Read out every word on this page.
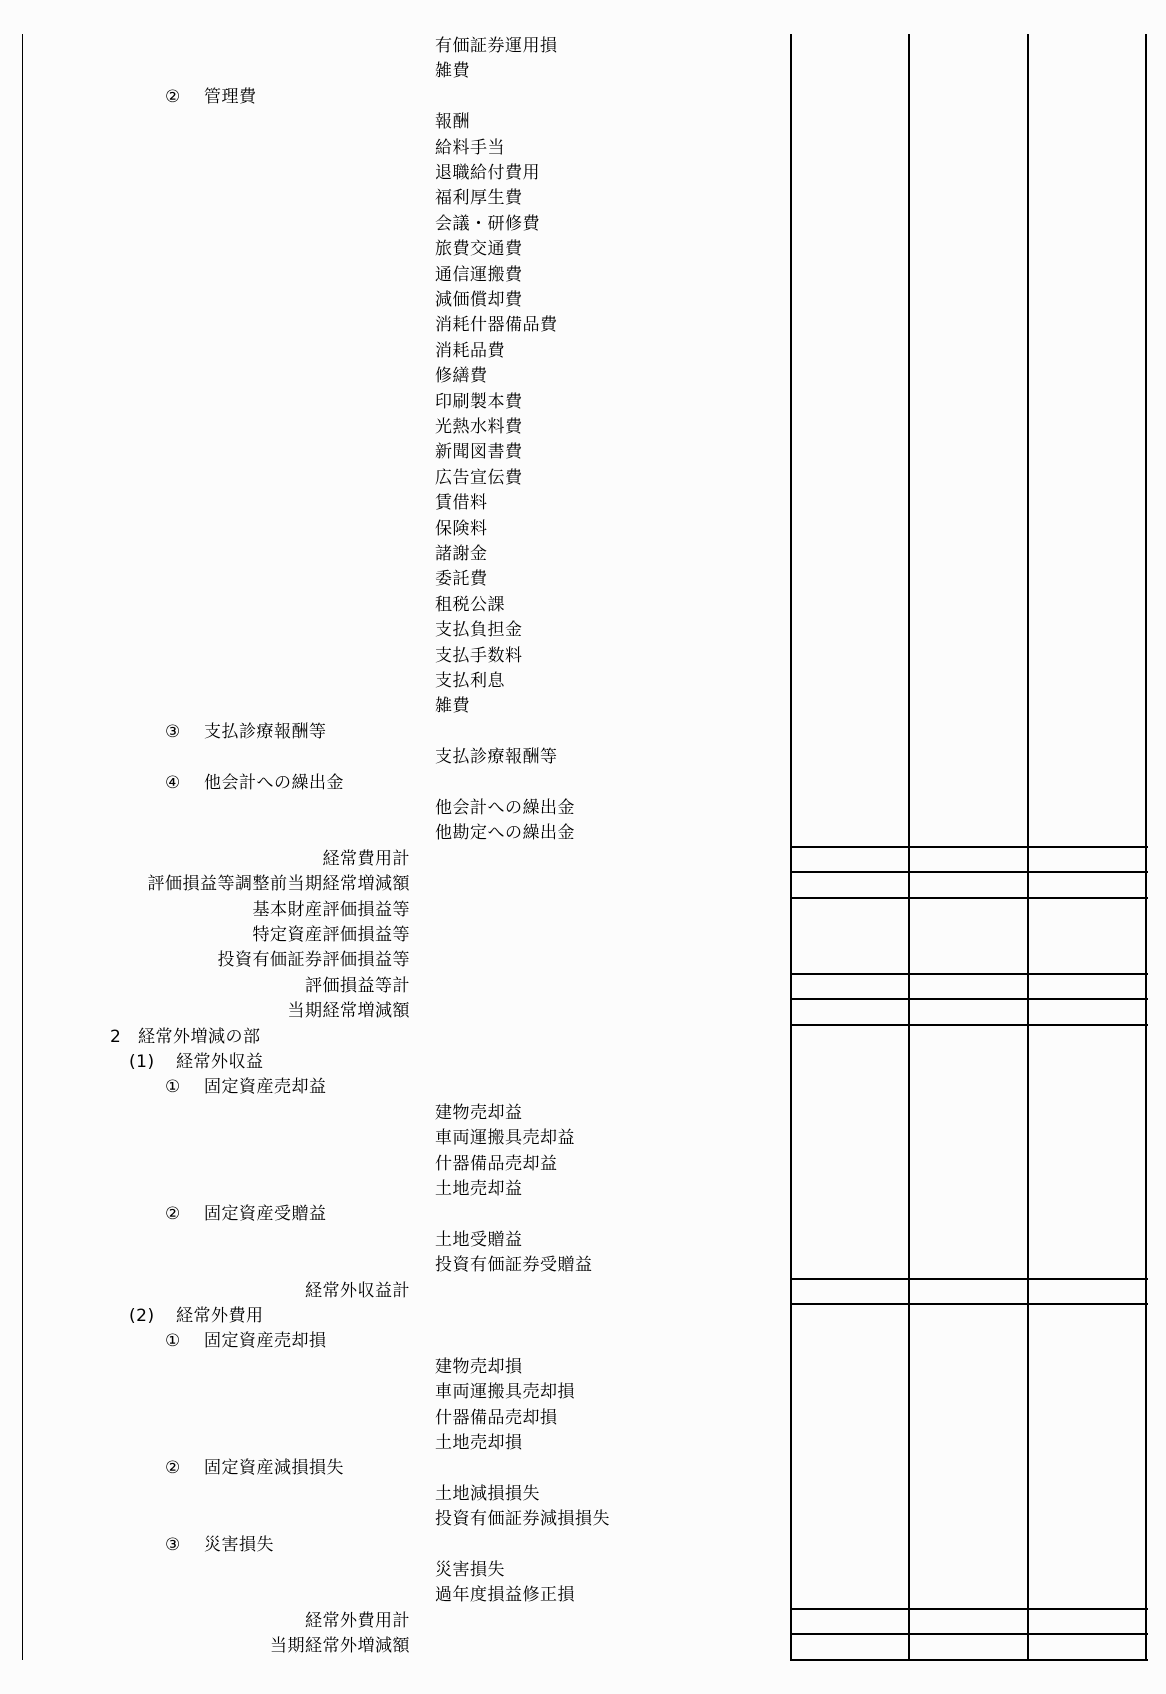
有価証券運用損
雑費
② 管理費
報酬
給料手当
退職給付費用
福利厚生費
会議・研修費
旅費交通費
通信運搬費
減価償却費
消耗什器備品費
消耗品費
修繕費
印刷製本費
光熱水料費
新聞図書費
広告宣伝費
賃借料
保険料
諸謝金
委託費
租税公課
支払負担金
支払手数料
支払利息
雑費
③ 支払診療報酬等
支払診療報酬等
④ 他会計への繰出金
他会計への繰出金
他勘定への繰出金
経常費用計
評価損益等調整前当期経常増減額
基本財産評価損益等
特定資産評価損益等
投資有価証券評価損益等
評価損益等計
当期経常増減額
2 経常外増減の部
(1) 経常外収益
① 固定資産売却益
建物売却益
車両運搬具売却益
什器備品売却益
土地売却益
② 固定資産受贈益
土地受贈益
投資有価証券受贈益
経常外収益計
(2) 経常外費用
① 固定資産売却損
建物売却損
車両運搬具売却損
什器備品売却損
土地売却損
② 固定資産減損損失
土地減損損失
投資有価証券減損損失
③ 災害損失
災害損失
過年度損益修正損
経常外費用計
当期経常外増減額
